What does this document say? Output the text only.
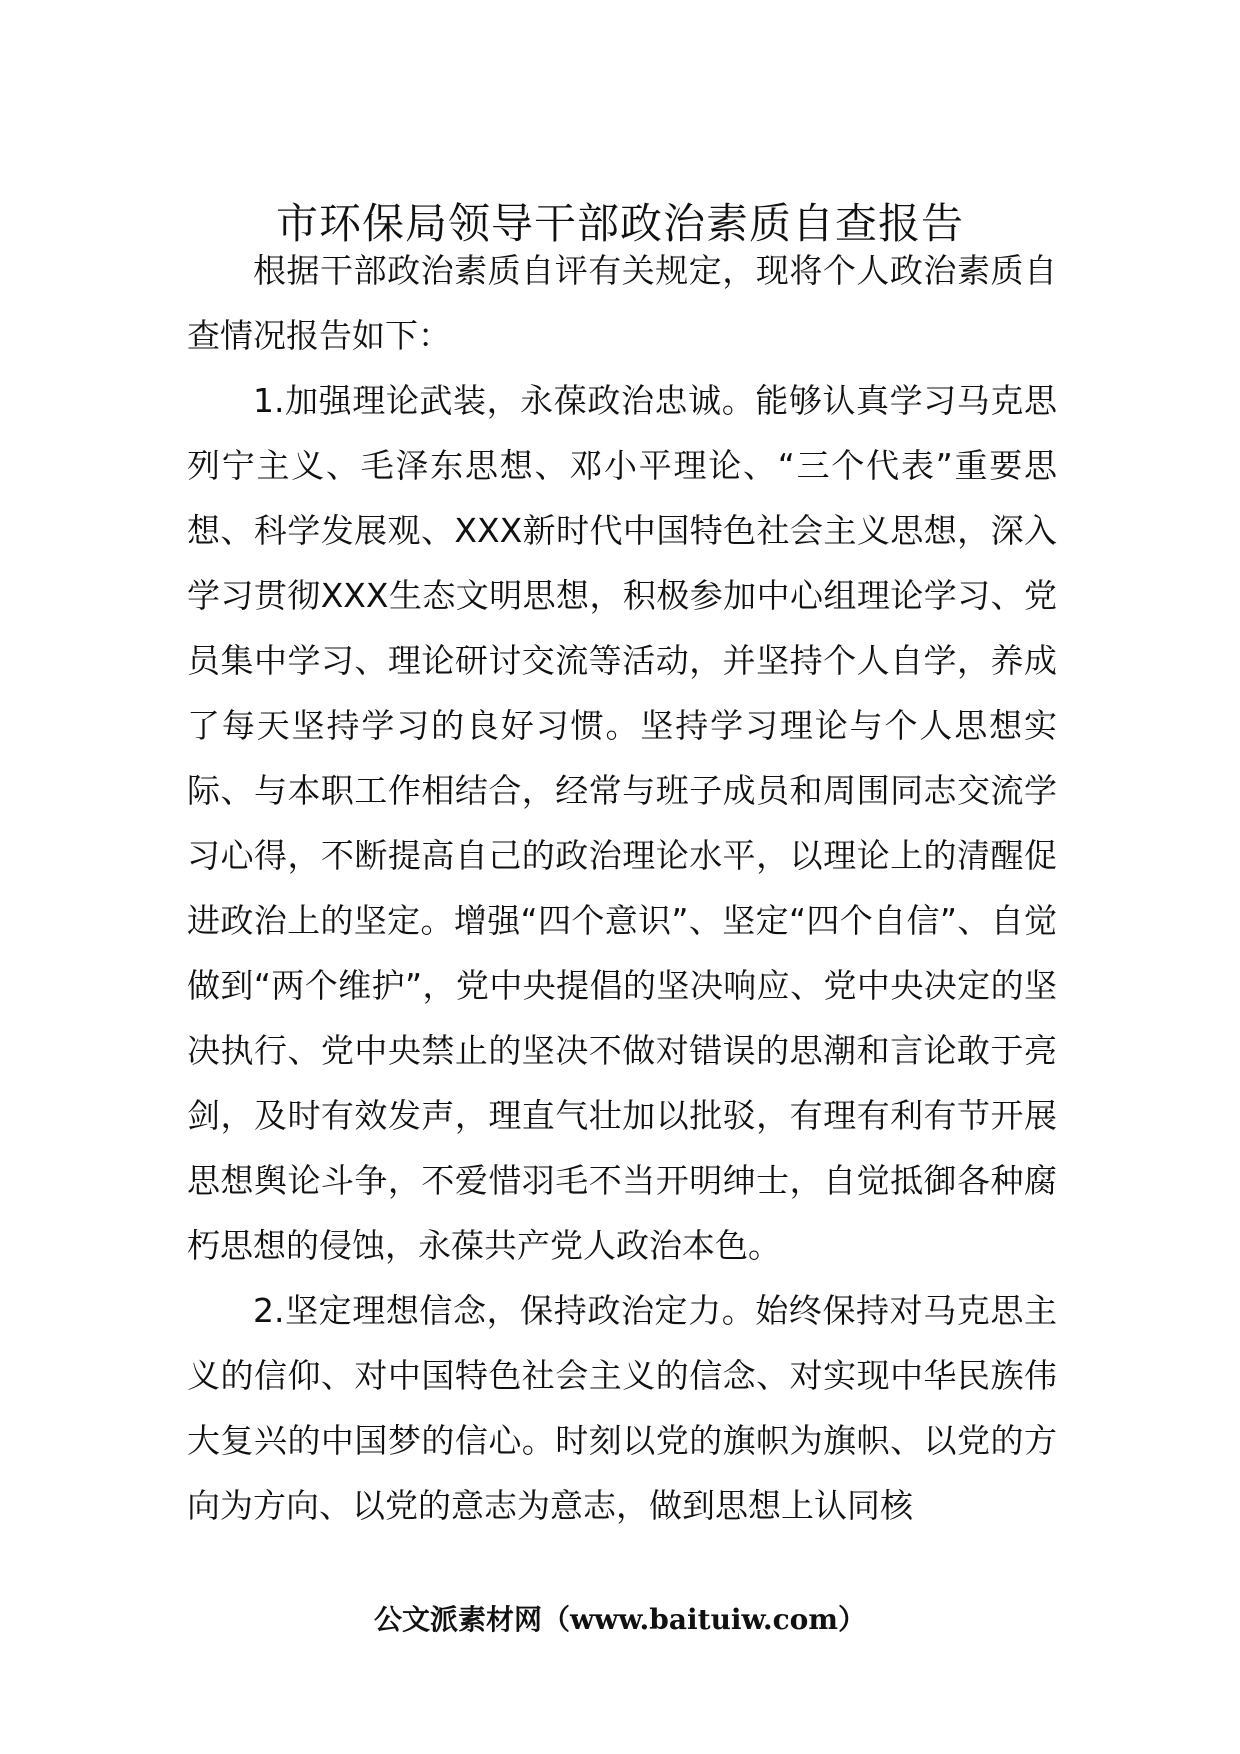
市环保局领导干部政治素质自查报告

根据干部政治素质自评有关规定，现将个人政治素质自查情况报告如下：

1.加强理论武装，永葆政治忠诚。能够认真学习马克思列宁主义、毛泽东思想、邓小平理论、“三个代表”重要思想、科学发展观、XXX新时代中国特色社会主义思想，深入学习贯彻XXX生态文明思想，积极参加中心组理论学习、党员集中学习、理论研讨交流等活动，并坚持个人自学，养成了每天坚持学习的良好习惯。坚持学习理论与个人思想实际、与本职工作相结合，经常与班子成员和周围同志交流学习心得，不断提高自己的政治理论水平，以理论上的清醒促进政治上的坚定。增强“四个意识”、坚定“四个自信”、自觉做到“两个维护”，党中央提倡的坚决响应、党中央决定的坚决执行、党中央禁止的坚决不做对错误的思潮和言论敢于亮剑，及时有效发声，理直气壮加以批驳，有理有利有节开展思想舆论斗争，不爱惜羽毛不当开明绅士，自觉抵御各种腐朽思想的侵蚀，永葆共产党人政治本色。

2.坚定理想信念，保持政治定力。始终保持对马克思主义的信仰、对中国特色社会主义的信念、对实现中华民族伟大复兴的中国梦的信心。时刻以党的旗帜为旗帜、以党的方向为方向、以党的意志为意志，做到思想上认同核

公文派素材网（www.baituiw.com）
